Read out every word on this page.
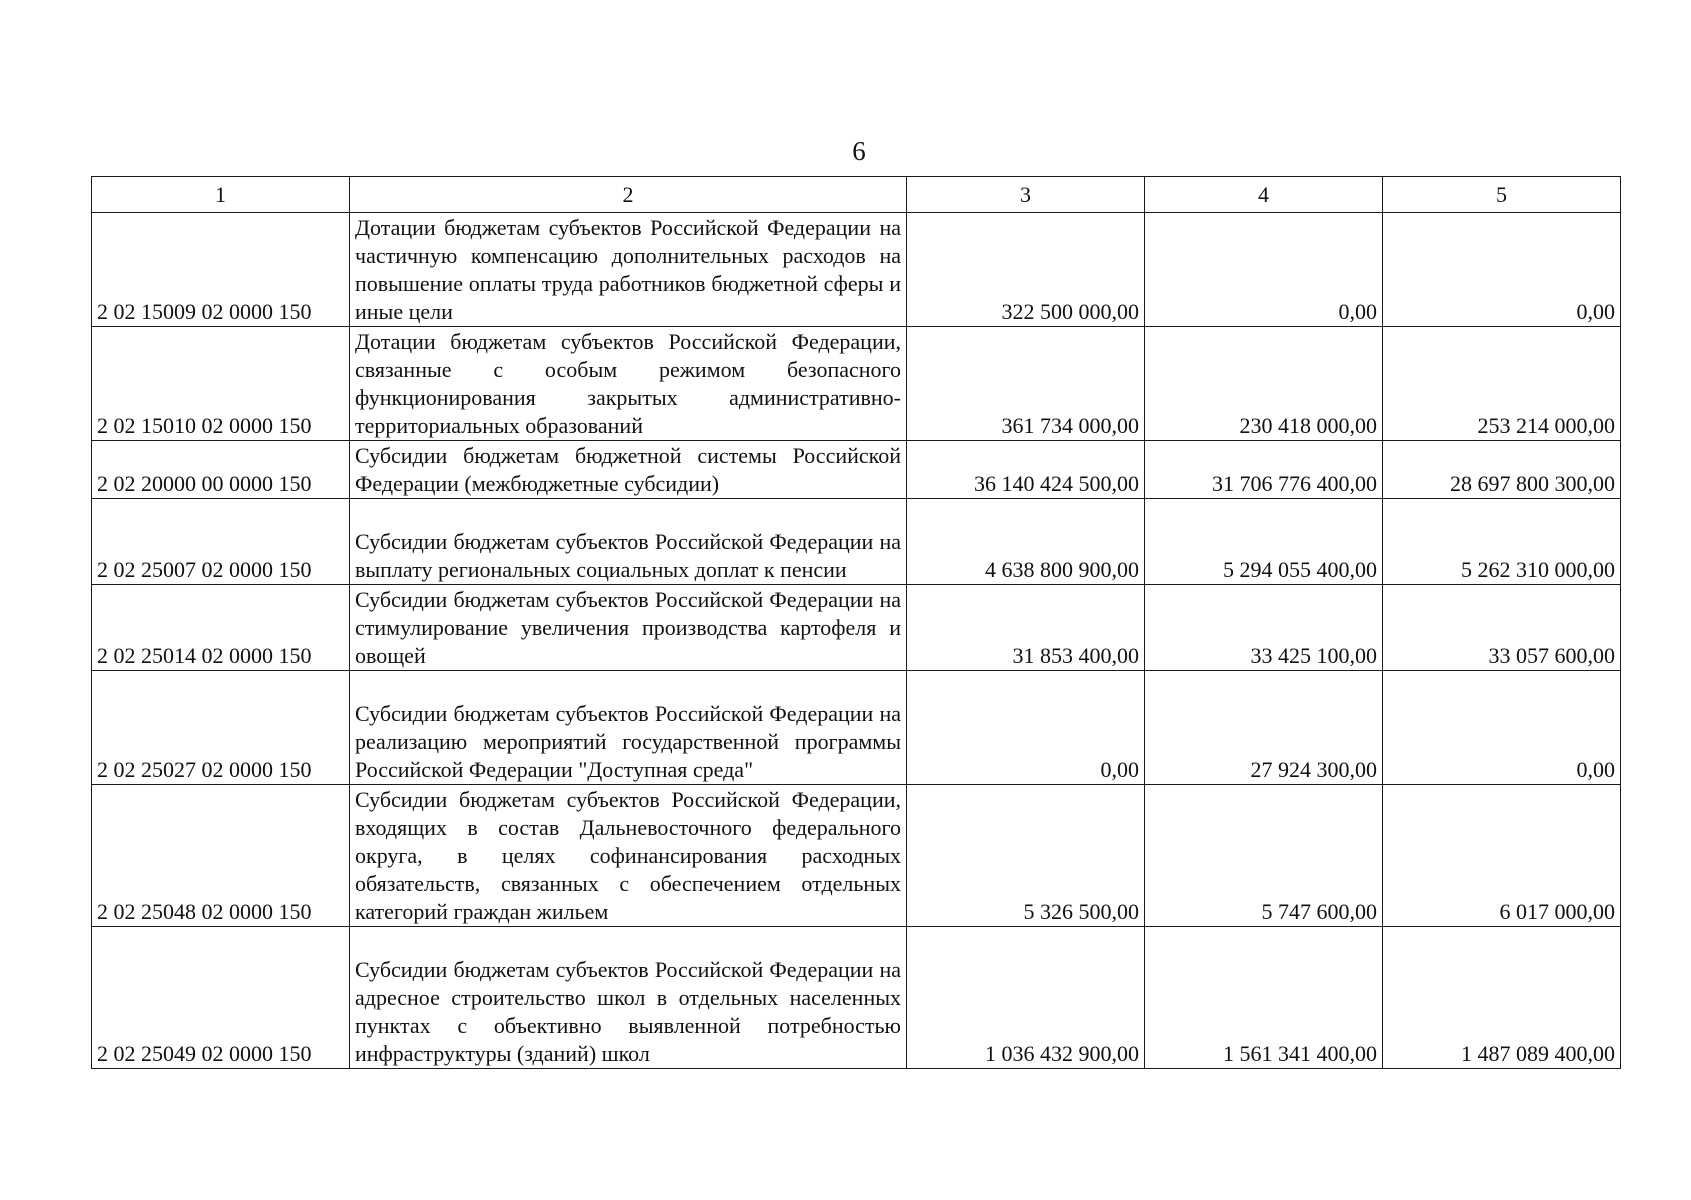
6
1	2	3	4	5
2 02 15009 02 0000 150	Дотации бюджетам субъектов Российской Федерации на частичную компенсацию дополнительных расходов на повышение оплаты труда работников бюджетной сферы и иные цели	322 500 000,00	0,00	0,00
2 02 15010 02 0000 150	Дотации бюджетам субъектов Российской Федерации, связанные с особым режимом безопасного функционирования закрытых административно-территориальных образований	361 734 000,00	230 418 000,00	253 214 000,00
2 02 20000 00 0000 150	Субсидии бюджетам бюджетной системы Российской Федерации (межбюджетные субсидии)	36 140 424 500,00	31 706 776 400,00	28 697 800 300,00
2 02 25007 02 0000 150	Субсидии бюджетам субъектов Российской Федерации на выплату региональных социальных доплат к пенсии	4 638 800 900,00	5 294 055 400,00	5 262 310 000,00
2 02 25014 02 0000 150	Субсидии бюджетам субъектов Российской Федерации на стимулирование увеличения производства картофеля и овощей	31 853 400,00	33 425 100,00	33 057 600,00
2 02 25027 02 0000 150	Субсидии бюджетам субъектов Российской Федерации на реализацию мероприятий государственной программы Российской Федерации "Доступная среда"	0,00	27 924 300,00	0,00
2 02 25048 02 0000 150	Субсидии бюджетам субъектов Российской Федерации, входящих в состав Дальневосточного федерального округа, в целях софинансирования расходных обязательств, связанных с обеспечением отдельных категорий граждан жильем	5 326 500,00	5 747 600,00	6 017 000,00
2 02 25049 02 0000 150	Субсидии бюджетам субъектов Российской Федерации на адресное строительство школ в отдельных населенных пунктах с объективно выявленной потребностью инфраструктуры (зданий) школ	1 036 432 900,00	1 561 341 400,00	1 487 089 400,00
